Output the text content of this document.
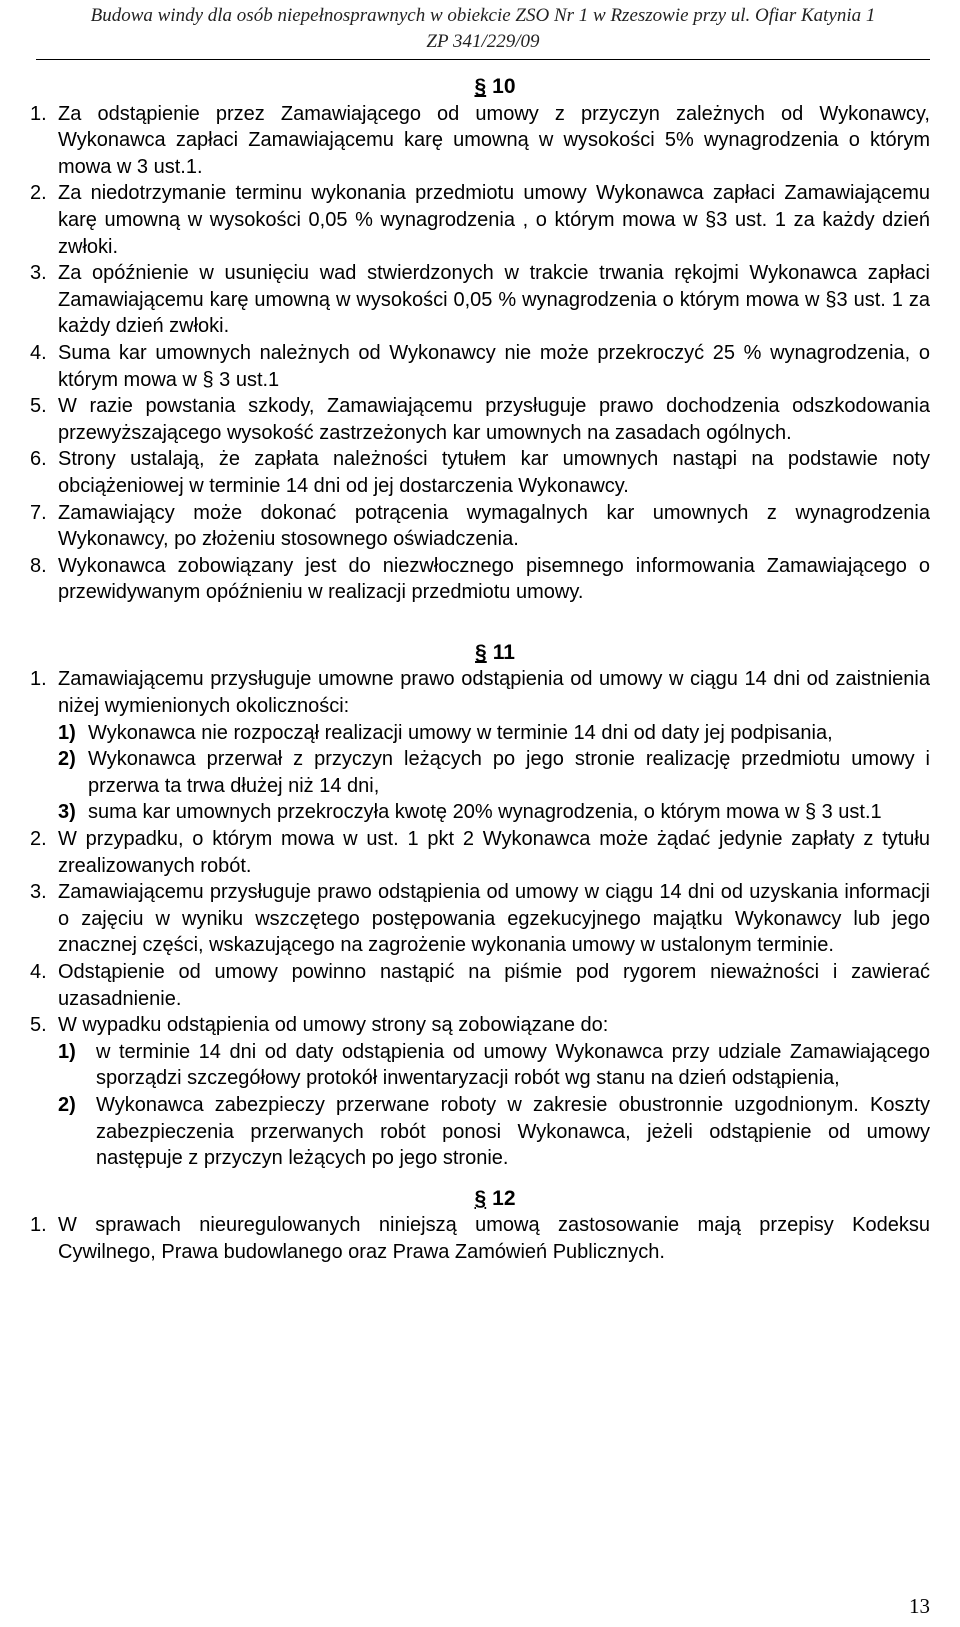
Budowa windy dla osób niepełnosprawnych w obiekcie ZSO Nr 1 w Rzeszowie przy ul. Ofiar Katynia 1
ZP 341/229/09
§ 10
1. Za odstąpienie przez Zamawiającego od umowy z przyczyn zależnych od Wykonawcy, Wykonawca zapłaci Zamawiającemu karę umowną w wysokości 5% wynagrodzenia o którym mowa w 3 ust.1.
2. Za niedotrzymanie terminu wykonania przedmiotu umowy Wykonawca zapłaci Zamawiającemu karę umowną w wysokości 0,05 % wynagrodzenia , o którym mowa w §3 ust. 1 za każdy dzień zwłoki.
3. Za opóźnienie w usunięciu wad stwierdzonych w trakcie trwania rękojmi Wykonawca zapłaci Zamawiającemu karę umowną w wysokości 0,05 % wynagrodzenia o którym mowa w §3 ust. 1 za każdy dzień zwłoki.
4. Suma kar umownych należnych od Wykonawcy nie może przekroczyć 25 % wynagrodzenia, o którym mowa w § 3 ust.1
5. W razie powstania szkody, Zamawiającemu przysługuje prawo dochodzenia odszkodowania przewyższającego wysokość zastrzeżonych kar umownych na zasadach ogólnych.
6. Strony ustalają, że zapłata należności tytułem kar umownych nastąpi na podstawie noty obciążeniowej w terminie 14 dni od jej dostarczenia Wykonawcy.
7. Zamawiający może dokonać potrącenia wymagalnych kar umownych z wynagrodzenia Wykonawcy, po złożeniu stosownego oświadczenia.
8. Wykonawca zobowiązany jest do niezwłocznego pisemnego informowania Zamawiającego o przewidywanym opóźnieniu w realizacji przedmiotu umowy.
§ 11
1. Zamawiającemu przysługuje umowne prawo odstąpienia od umowy w ciągu 14 dni od zaistnienia niżej wymienionych okoliczności:
1) Wykonawca nie rozpoczął realizacji umowy w terminie 14 dni od daty jej podpisania,
2) Wykonawca przerwał z przyczyn leżących po jego stronie realizację przedmiotu umowy i przerwa ta trwa dłużej niż 14 dni,
3) suma kar umownych przekroczyła kwotę 20% wynagrodzenia, o którym mowa w § 3 ust.1
2. W przypadku, o którym mowa w ust. 1 pkt 2 Wykonawca może żądać jedynie zapłaty z tytułu zrealizowanych robót.
3. Zamawiającemu przysługuje prawo odstąpienia od umowy w ciągu 14 dni od uzyskania informacji o zajęciu w wyniku wszczętego postępowania egzekucyjnego majątku Wykonawcy lub jego znacznej części, wskazującego na zagrożenie wykonania umowy w ustalonym terminie.
4. Odstąpienie od umowy powinno nastąpić na piśmie pod rygorem nieważności i zawierać uzasadnienie.
5. W wypadku odstąpienia od umowy strony są zobowiązane do:
1)	w terminie 14 dni od daty odstąpienia od umowy Wykonawca przy udziale Zamawiającego sporządzi szczegółowy protokół inwentaryzacji robót wg stanu na dzień odstąpienia,
2)	Wykonawca zabezpieczy przerwane roboty w zakresie obustronnie uzgodnionym. Koszty zabezpieczenia przerwanych robót ponosi Wykonawca, jeżeli odstąpienie od umowy następuje z przyczyn leżących po jego stronie.
§ 12
1. W sprawach nieuregulowanych niniejszą umową zastosowanie mają przepisy Kodeksu Cywilnego, Prawa budowlanego oraz Prawa Zamówień Publicznych.
13
